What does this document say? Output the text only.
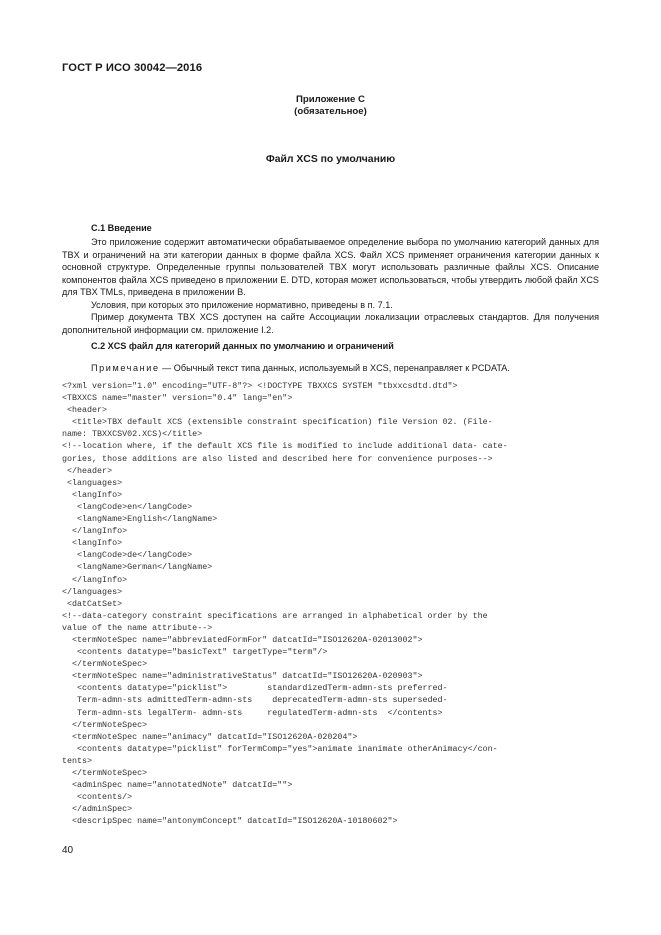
ГОСТ Р ИСО 30042—2016
Приложение С
(обязательное)
Файл XCS по умолчанию
С.1 Введение
Это приложение содержит автоматически обрабатываемое определение выбора по умолчанию категорий данных для TBX и ограничений на эти категории данных в форме файла XCS. Файл XCS применяет ограничения категории данных к основной структуре. Определенные группы пользователей TBX могут использовать различные файлы XCS. Описание компонентов файла XCS приведено в приложении Е. DTD, которая может использоваться, чтобы утвердить любой файл XCS для TBX TMLs, приведена в приложении В.
Условия, при которых это приложение нормативно, приведены в п. 7.1.
Пример документа TBX XCS доступен на сайте Ассоциации локализации отраслевых стандартов. Для получения дополнительной информации см. приложение I.2.
С.2 XCS файл для категорий данных по умолчанию и ограничений
Примечание — Обычный текст типа данных, используемый в XCS, перенаправляет к PCDATA.
<?xml version="1.0" encoding="UTF-8"?> <!DOCTYPE TBXXCS SYSTEM "tbxxcsdtd.dtd">
<TBXXCS name="master" version="0.4" lang="en">
<header>
<title>TBX default XCS (extensible constraint specification) file Version 02. (File-
name: TBXXCSV02.XCS)</title>
<!--location where, if the default XCS file is modified to include additional data- cate-
gories, those additions are also listed and described here for convenience purposes-->
</header>
<languages>
<langInfo>
<langCode>en</langCode>
<langName>English</langName>
</langInfo>
<langInfo>
<langCode>de</langCode>
<langName>German</langName>
</langInfo>
</languages>
<datCatSet>
<!--data-category constraint specifications are arranged in alphabetical order by the
value of the name attribute-->
<termNoteSpec name="abbreviatedFormFor" datcatId="ISO12620A-02013002">
<contents datatype="basicText" targetType="term"/>
</termNoteSpec>
<termNoteSpec name="administrativeStatus" datcatId="ISO12620A-020903">
<contents datatype="picklist">        standardizedTerm-admn-sts preferred-
Term-admn-sts admittedTerm-admn-sts    deprecatedTerm-admn-sts superseded-
Term-admn-sts legalTerm- admn-sts     regulatedTerm-admn-sts  </contents>
</termNoteSpec>
<termNoteSpec name="animacy" datcatId="ISO12620A-020204">
<contents datatype="picklist" forTermComp="yes">animate inanimate otherAnimacy</con-
tents>
</termNoteSpec>
<adminSpec name="annotatedNote" datcatId="">
<contents/>
</adminSpec>
<descripSpec name="antonymConcept" datcatId="ISO12620A-10180602">
40
